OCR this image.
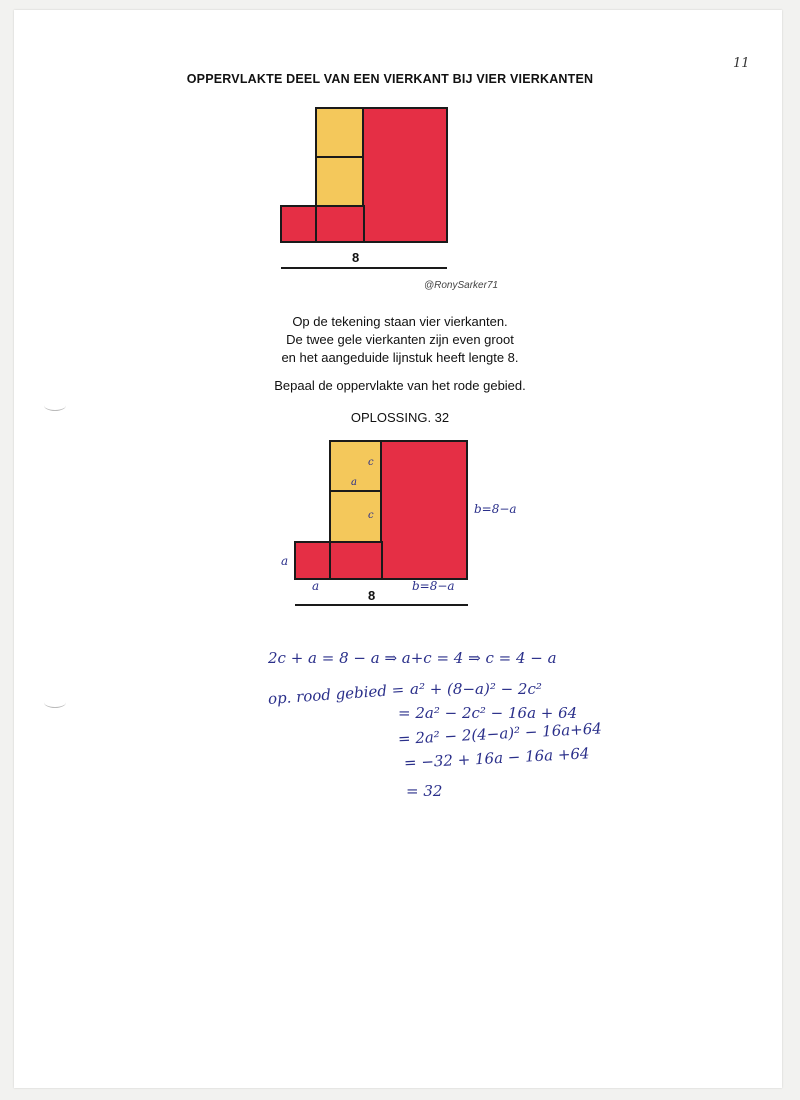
11
OPPERVLAKTE DEEL VAN EEN VIERKANT BIJ VIER VIERKANTEN
8
@RonySarker71
Op de tekening staan vier vierkanten.
De twee gele vierkanten zijn even groot
en het aangeduide lijnstuk heeft lengte 8.
Bepaal de oppervlakte van het rode gebied.
OPLOSSING. 32
8
c
a
c	b=8−a
a
a	b=8−a
2c + a = 8 − a ⇒ a+c = 4 ⇒ c = 4 − a
op. rood gebied = a² + (8−a)² − 2c²
= 2a² − 2c² − 16a + 64
= 2a² − 2(4−a)² − 16a+64
= −32 + 16a − 16a +64
= 32
